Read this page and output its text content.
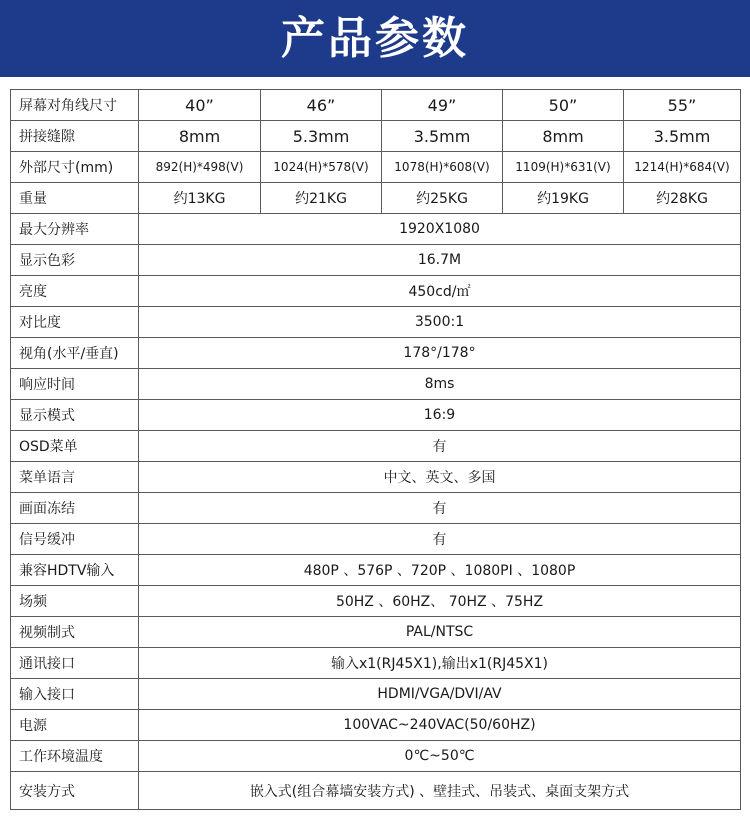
产品参数
屏幕对角线尺寸	40”	46”	49”	50”	55”
拼接缝隙	8mm	5.3mm	3.5mm	8mm	3.5mm
外部尺寸(mm)	892(H)*498(V)	1024(H)*578(V)	1078(H)*608(V)	1109(H)*631(V)	1214(H)*684(V)
重量	约13KG	约21KG	约25KG	约19KG	约28KG
最大分辨率	1920X1080				
显示色彩	16.7M				
亮度	450cd/㎡				
对比度	3500:1				
视角(水平/垂直)	178°/178°				
响应时间	8ms				
显示模式	16:9				
OSD菜单	有				
菜单语言	中文、英文、多国				
画面冻结	有				
信号缓冲	有				
兼容HDTV输入	480P 、576P 、720P 、1080PI 、1080P				
场频	50HZ 、60HZ、 70HZ 、75HZ				
视频制式	PAL/NTSC				
通讯接口	输入x1(RJ45X1),输出x1(RJ45X1)				
输入接口	HDMI/VGA/DVI/AV				
电源	100VAC~240VAC(50/60HZ)				
工作环境温度	0℃~50℃				
安装方式	嵌入式(组合幕墙安装方式) 、壁挂式、吊装式、桌面支架方式				
